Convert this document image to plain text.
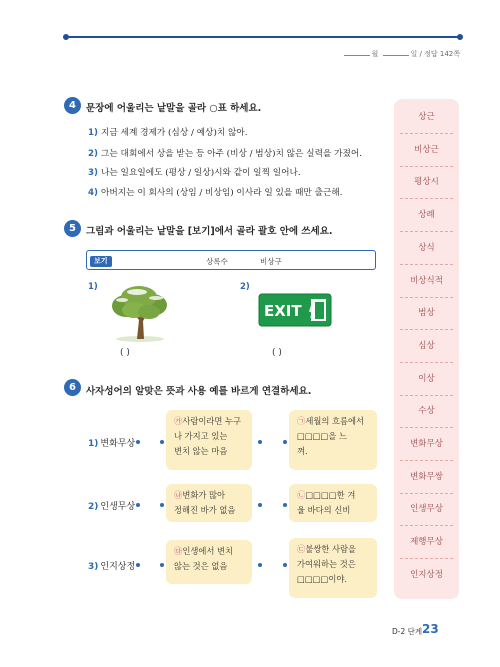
월	일 / 정답 142쪽
상근
비상근
평상시
상례
상식
비상식적
범상
심상
이상
수상
변화무상
변화무쌍
인생무상
제행무상
인지상정
4	문장에 어울리는 낱말을 골라 ○표 하세요.
1) 지금 세계 경제가 (심상 / 예상)치 않아.
2) 그는 대회에서 상을 받는 등 아주 (비상 / 범상)치 않은 실력을 가졌어.
3) 나는 일요일에도 (평상 / 일상)시와 같이 일찍 일어나.
4) 아버지는 이 회사의 (상임 / 비상임) 이사라 일 있을 때만 출근해.
5	그림과 어울리는 낱말을 [보기]에서 골라 괄호 안에 쓰세요.
보기	상록수	비상구
1)
( )
2)
EXIT
( )
6	사자성어의 알맞은 뜻과 사용 예를 바르게 연결하세요.
1) 변화무상
2) 인생무상
3) 인지상정
㉮사람이라면 누구
나 가지고 있는
변치 않는 마음
㉯변화가 많아
정해진 바가 없음
㉰인생에서 변치
않는 것은 없음
㉠세월의 흐름에서
□□□□을 느
껴.
㉡□□□□한 겨
울 바다의 신비
㉢불쌍한 사람을
가여워하는 것은
□□□□이야.
D-2 단계 23
